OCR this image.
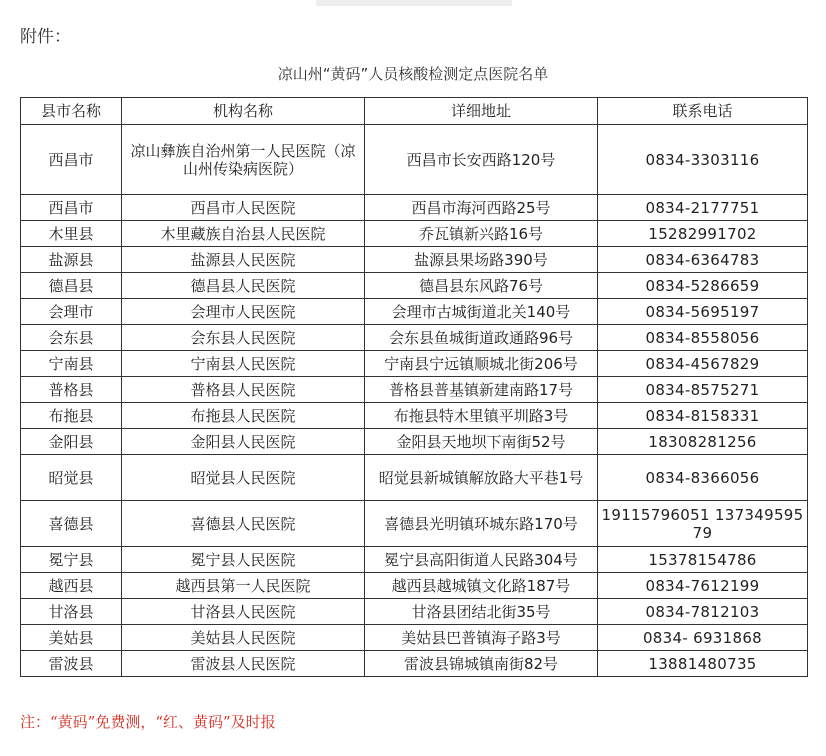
附件：
凉山州“黄码”人员核酸检测定点医院名单
县市名称	机构名称	详细地址	联系电话
西昌市	凉山彝族自治州第一人民医院（凉山州传染病医院）	西昌市长安西路120号	0834-3303116
西昌市	西昌市人民医院	西昌市海河西路25号	0834-2177751
木里县	木里藏族自治县人民医院	乔瓦镇新兴路16号	15282991702
盐源县	盐源县人民医院	盐源县果场路390号	0834-6364783
德昌县	德昌县人民医院	德昌县东风路76号	0834-5286659
会理市	会理市人民医院	会理市古城街道北关140号	0834-5695197
会东县	会东县人民医院	会东县鱼城街道政通路96号	0834-8558056
宁南县	宁南县人民医院	宁南县宁远镇顺城北街206号	0834-4567829
普格县	普格县人民医院	普格县普基镇新建南路17号	0834-8575271
布拖县	布拖县人民医院	布拖县特木里镇平圳路3号	0834-8158331
金阳县	金阳县人民医院	金阳县天地坝下南街52号	18308281256
昭觉县	昭觉县人民医院	昭觉县新城镇解放路大平巷1号	0834-8366056
喜德县	喜德县人民医院	喜德县光明镇环城东路170号	19115796051 13734959579
冕宁县	冕宁县人民医院	冕宁县高阳街道人民路304号	15378154786
越西县	越西县第一人民医院	越西县越城镇文化路187号	0834-7612199
甘洛县	甘洛县人民医院	甘洛县团结北街35号	0834-7812103
美姑县	美姑县人民医院	美姑县巴普镇海子路3号	0834- 6931868
雷波县	雷波县人民医院	雷波县锦城镇南街82号	13881480735
注：“黄码”免费测，“红、黄码”及时报
